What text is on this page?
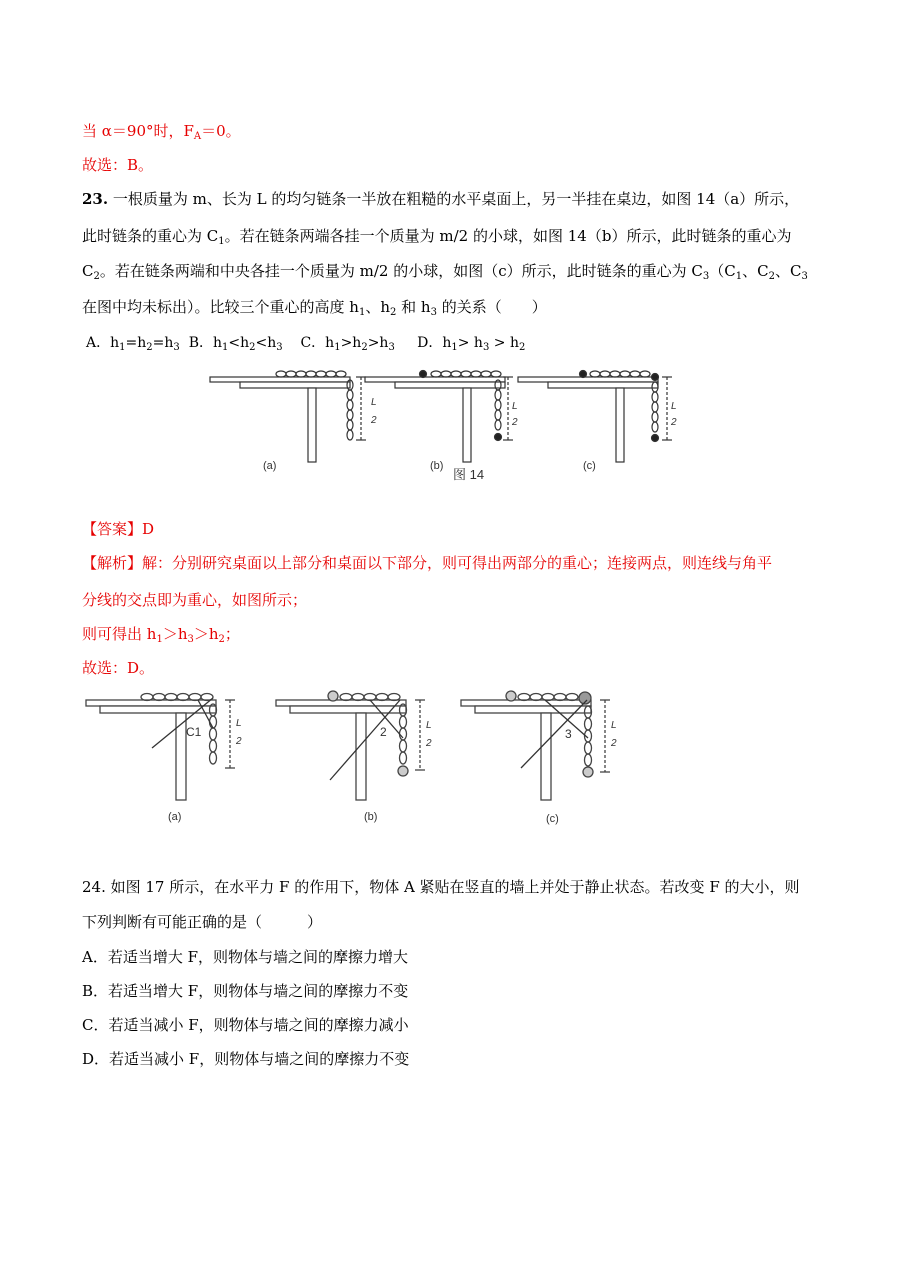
当 α＝90°时，$F_A=0$。
故选：B。
23. 一根质量为 m、长为 L 的均匀链条一半放在粗糙的水平桌面上，另一半挂在桌边，如图 14（a）所示，
此时链条的重心为 $C_1$。若在链条两端各挂一个质量为 m/2 的小球，如图 14（b）所示，此时链条的重心为
$C_2$。若在链条两端和中央各挂一个质量为 m/2 的小球，如图（c）所示，此时链条的重心为 $C_3(C_1$、$C_2$、$C_3$
在图中均未标出）。比较三个重心的高度 $h_1$、$h_2$ 和 $h_3$ 的关系（　　）
A．$h_1=h_2=h_3$ B．$h_1<h_2<h_3$ C．$h_1>h_2>h_3$ D．$h_1> h_3 > h_2$
L
2
L
2
L
2
(a)	(b)	(c)
图 14
【答案】D
【解析】解：分别研究桌面以上部分和桌面以下部分，则可得出两部分的重心；连接两点，则连线与角平
分线的交点即为重心，如图所示；
则可得出 $h_1>h_3>h_2$；
故选：D。
C1	2	3
L
2
L
2
L
2
(a)	(b)	(c)
24. 如图 17 所示，在水平力 F 的作用下，物体 A 紧贴在竖直的墙上并处于静止状态。若改变 F 的大小，则
下列判断有可能正确的是（　　　）
A．若适当增大 F，则物体与墙之间的摩擦力增大
B．若适当增大 F，则物体与墙之间的摩擦力不变
C．若适当减小 F，则物体与墙之间的摩擦力减小
D．若适当减小 F，则物体与墙之间的摩擦力不变
